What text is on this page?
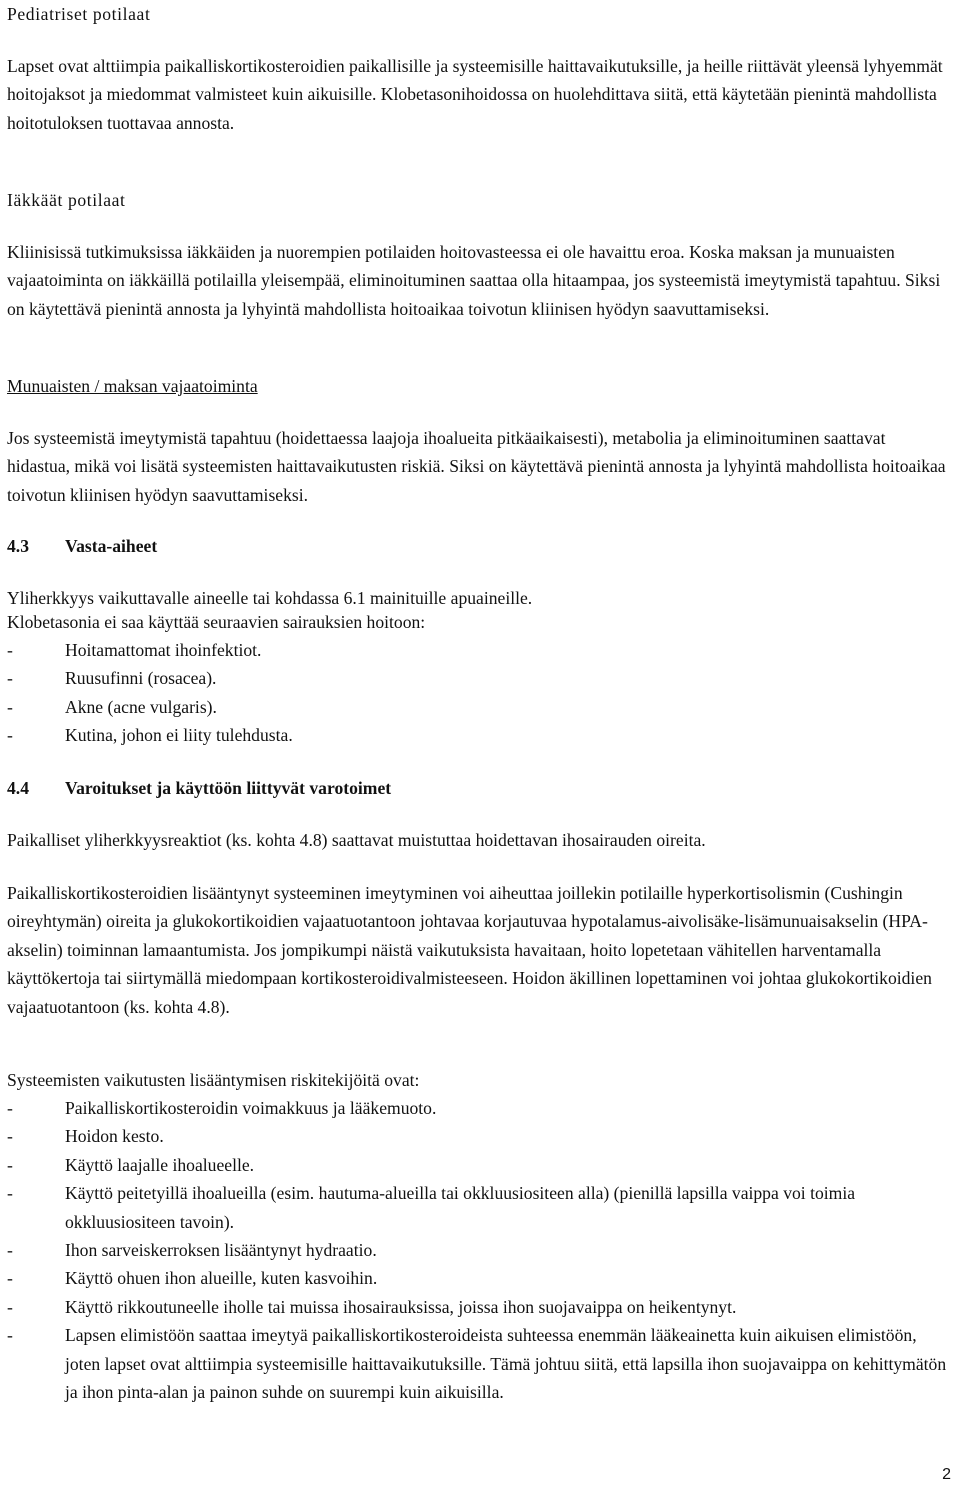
Pediatriset potilaat

Lapset ovat alttiimpia paikalliskortikosteroidien paikallisille ja systeemisille haittavaikutuksille, ja heille riittävät yleensä lyhyemmät hoitojaksot ja miedommat valmisteet kuin aikuisille. Klobetasonihoidossa on huolehdittava siitä, että käytetään pienintä mahdollista hoitotuloksen tuottavaa annosta.

Iäkkäät potilaat

Kliinisissä tutkimuksissa iäkkäiden ja nuorempien potilaiden hoitovasteessa ei ole havaittu eroa. Koska maksan ja munuaisten vajaatoiminta on iäkkäillä potilailla yleisempää, eliminoituminen saattaa olla hitaampaa, jos systeemistä imeytymistä tapahtuu. Siksi on käytettävä pienintä annosta ja lyhyintä mahdollista hoitoaikaa toivotun kliinisen hyödyn saavuttamiseksi.

Munuaisten / maksan vajaatoiminta

Jos systeemistä imeytymistä tapahtuu (hoidettaessa laajoja ihoalueita pitkäaikaisesti), metabolia ja eliminoituminen saattavat hidastua, mikä voi lisätä systeemisten haittavaikutusten riskiä. Siksi on käytettävä pienintä annosta ja lyhyintä mahdollista hoitoaikaa toivotun kliinisen hyödyn saavuttamiseksi.

4.3 Vasta-aiheet

Yliherkkyys vaikuttavalle aineelle tai kohdassa 6.1 mainituille apuaineille.

Klobetasonia ei saa käyttää seuraavien sairauksien hoitoon:

-	Hoitamattomat ihoinfektiot.
-	Ruusufinni (rosacea).
-	Akne (acne vulgaris).
-	Kutina, johon ei liity tulehdusta.

4.4 Varoitukset ja käyttöön liittyvät varotoimet

Paikalliset yliherkkyysreaktiot (ks. kohta 4.8) saattavat muistuttaa hoidettavan ihosairauden oireita.

Paikalliskortikosteroidien lisääntynyt systeeminen imeytyminen voi aiheuttaa joillekin potilaille hyperkortisolismin (Cushingin oireyhtymän) oireita ja glukokortikoidien vajaatuotantoon johtavaa korjautuvaa hypotalamus-aivolisäke-lisämunuaisakselin (HPA-akselin) toiminnan lamaantumista. Jos jompikumpi näistä vaikutuksista havaitaan, hoito lopetetaan vähitellen harventamalla käyttökertoja tai siirtymällä miedompaan kortikosteroidivalmisteeseen. Hoidon äkillinen lopettaminen voi johtaa glukokortikoidien vajaatuotantoon (ks. kohta 4.8).

Systeemisten vaikutusten lisääntymisen riskitekijöitä ovat:

-	Paikalliskortikosteroidin voimakkuus ja lääkemuoto.
-	Hoidon kesto.
-	Käyttö laajalle ihoalueelle.
-	Käyttö peitetyillä ihoalueilla (esim. hautuma-alueilla tai okkluusiositeen alla) (pienillä lapsilla vaippa voi toimia okkluusiositeen tavoin).
-	Ihon sarveiskerroksen lisääntynyt hydraatio.
-	Käyttö ohuen ihon alueille, kuten kasvoihin.
-	Käyttö rikkoutuneelle iholle tai muissa ihosairauksissa, joissa ihon suojavaippa on heikentynyt.
-	Lapsen elimistöön saattaa imeytyä paikalliskortikosteroideista suhteessa enemmän lääkeainetta kuin aikuisen elimistöön, joten lapset ovat alttiimpia systeemisille haittavaikutuksille. Tämä johtuu siitä, että lapsilla ihon suojavaippa on kehittymätön ja ihon pinta-alan ja painon suhde on suurempi kuin aikuisilla.
2
